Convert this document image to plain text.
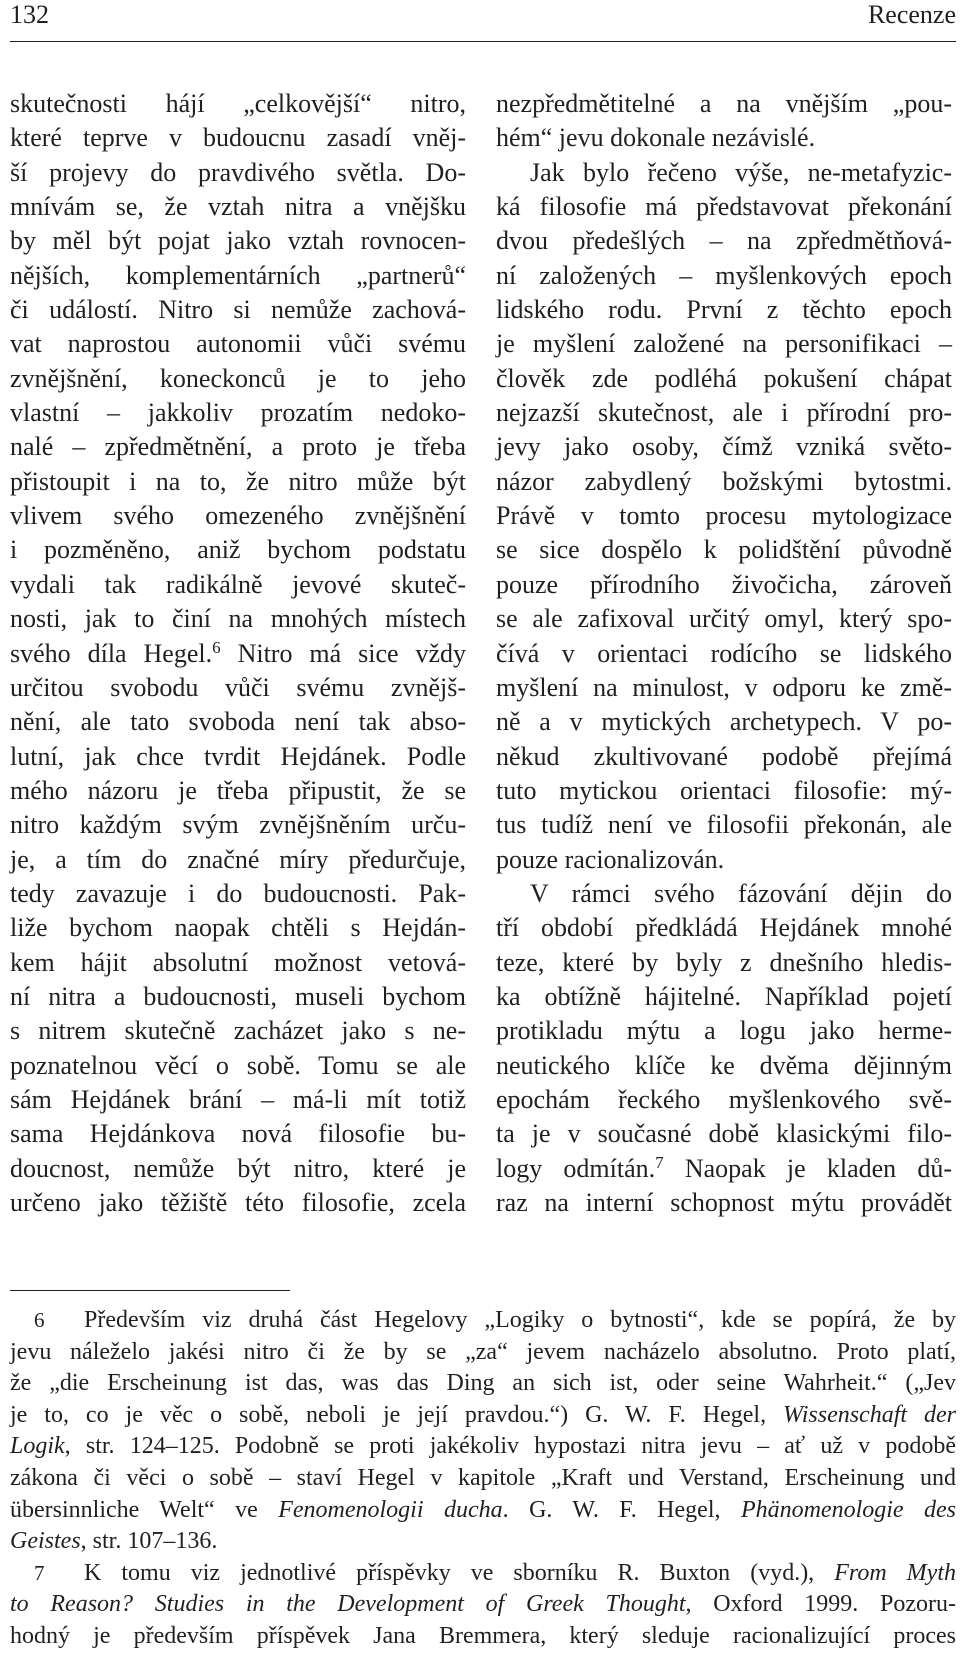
132	Recenze
skutečnosti hájí „celkovější“ nitro,
které teprve v budoucnu zasadí vněj-
ší projevy do pravdivého světla. Do-
mnívám se, že vztah nitra a vnějšku
by měl být pojat jako vztah rovnocen-
nějších, komplementárních „partnerů“
či událostí. Nitro si nemůže zachová-
vat naprostou autonomii vůči svému
zvnějšnění, koneckonců je to jeho
vlastní – jakkoliv prozatím nedoko-
nalé – zpředmětnění, a proto je třeba
přistoupit i na to, že nitro může být
vlivem svého omezeného zvnějšnění
i pozměněno, aniž bychom podstatu
vydali tak radikálně jevové skuteč-
nosti, jak to činí na mnohých místech
svého díla Hegel.$^6$ Nitro má sice vždy
určitou svobodu vůči svému zvnějš-
nění, ale tato svoboda není tak abso-
lutní, jak chce tvrdit Hejdánek. Podle
mého názoru je třeba připustit, že se
nitro každým svým zvnějšněním urču-
je, a tím do značné míry předurčuje,
tedy zavazuje i do budoucnosti. Pak-
liže bychom naopak chtěli s Hejdán-
kem hájit absolutní možnost vetová-
ní nitra a budoucnosti, museli bychom
s nitrem skutečně zacházet jako s ne-
poznatelnou věcí o sobě. Tomu se ale
sám Hejdánek brání – má-li mít totiž
sama Hejdánkova nová filosofie bu-
doucnost, nemůže být nitro, které je
určeno jako těžiště této filosofie, zcela
nezpředmětitelné a na vnějším „pou-
hém“ jevu dokonale nezávislé.
Jak bylo řečeno výše, ne-metafyzic-
ká filosofie má představovat překonání
dvou předešlých – na zpředmětňová-
ní založených – myšlenkových epoch
lidského rodu. První z těchto epoch
je myšlení založené na personifikaci –
člověk zde podléhá pokušení chápat
nejzazší skutečnost, ale i přírodní pro-
jevy jako osoby, čímž vzniká světo-
názor zabydlený božskými bytostmi.
Právě v tomto procesu mytologizace
se sice dospělo k polidštění původně
pouze přírodního živočicha, zároveň
se ale zafixoval určitý omyl, který spo-
čívá v orientaci rodícího se lidského
myšlení na minulost, v odporu ke změ-
ně a v mytických archetypech. V po-
někud zkultivované podobě přejímá
tuto mytickou orientaci filosofie: mý-
tus tudíž není ve filosofii překonán, ale
pouze racionalizován.
V rámci svého fázování dějin do
tří období předkládá Hejdánek mnohé
teze, které by byly z dnešního hledis-
ka obtížně hájitelné. Například pojetí
protikladu mýtu a logu jako herme-
neutického klíče ke dvěma dějinným
epochám řeckého myšlenkového svě-
ta je v současné době klasickými filo-
logy odmítán.$^7$ Naopak je kladen dů-
raz na interní schopnost mýtu provádět
6 Především viz druhá část Hegelovy „Logiky o bytnosti“, kde se popírá, že by
jevu náleželo jakési nitro či že by se „za“ jevem nacházelo absolutno. Proto platí,
že „die Erscheinung ist das, was das Ding an sich ist, oder seine Wahrheit.“ („Jev
je to, co je věc o sobě, neboli je její pravdou.“) G. W. F. Hegel, Wissenschaft der
Logik, str. 124–125. Podobně se proti jakékoliv hypostazi nitra jevu – ať už v podobě
zákona či věci o sobě – staví Hegel v kapitole „Kraft und Verstand, Erscheinung und
übersinnliche Welt“ ve Fenomenologii ducha. G. W. F. Hegel, Phänomenologie des
Geistes, str. 107–136.
7 K tomu viz jednotlivé příspěvky ve sborníku R. Buxton (vyd.), From Myth
to Reason? Studies in the Development of Greek Thought, Oxford 1999. Pozoru-
hodný je především příspěvek Jana Bremmera, který sleduje racionalizující proces
